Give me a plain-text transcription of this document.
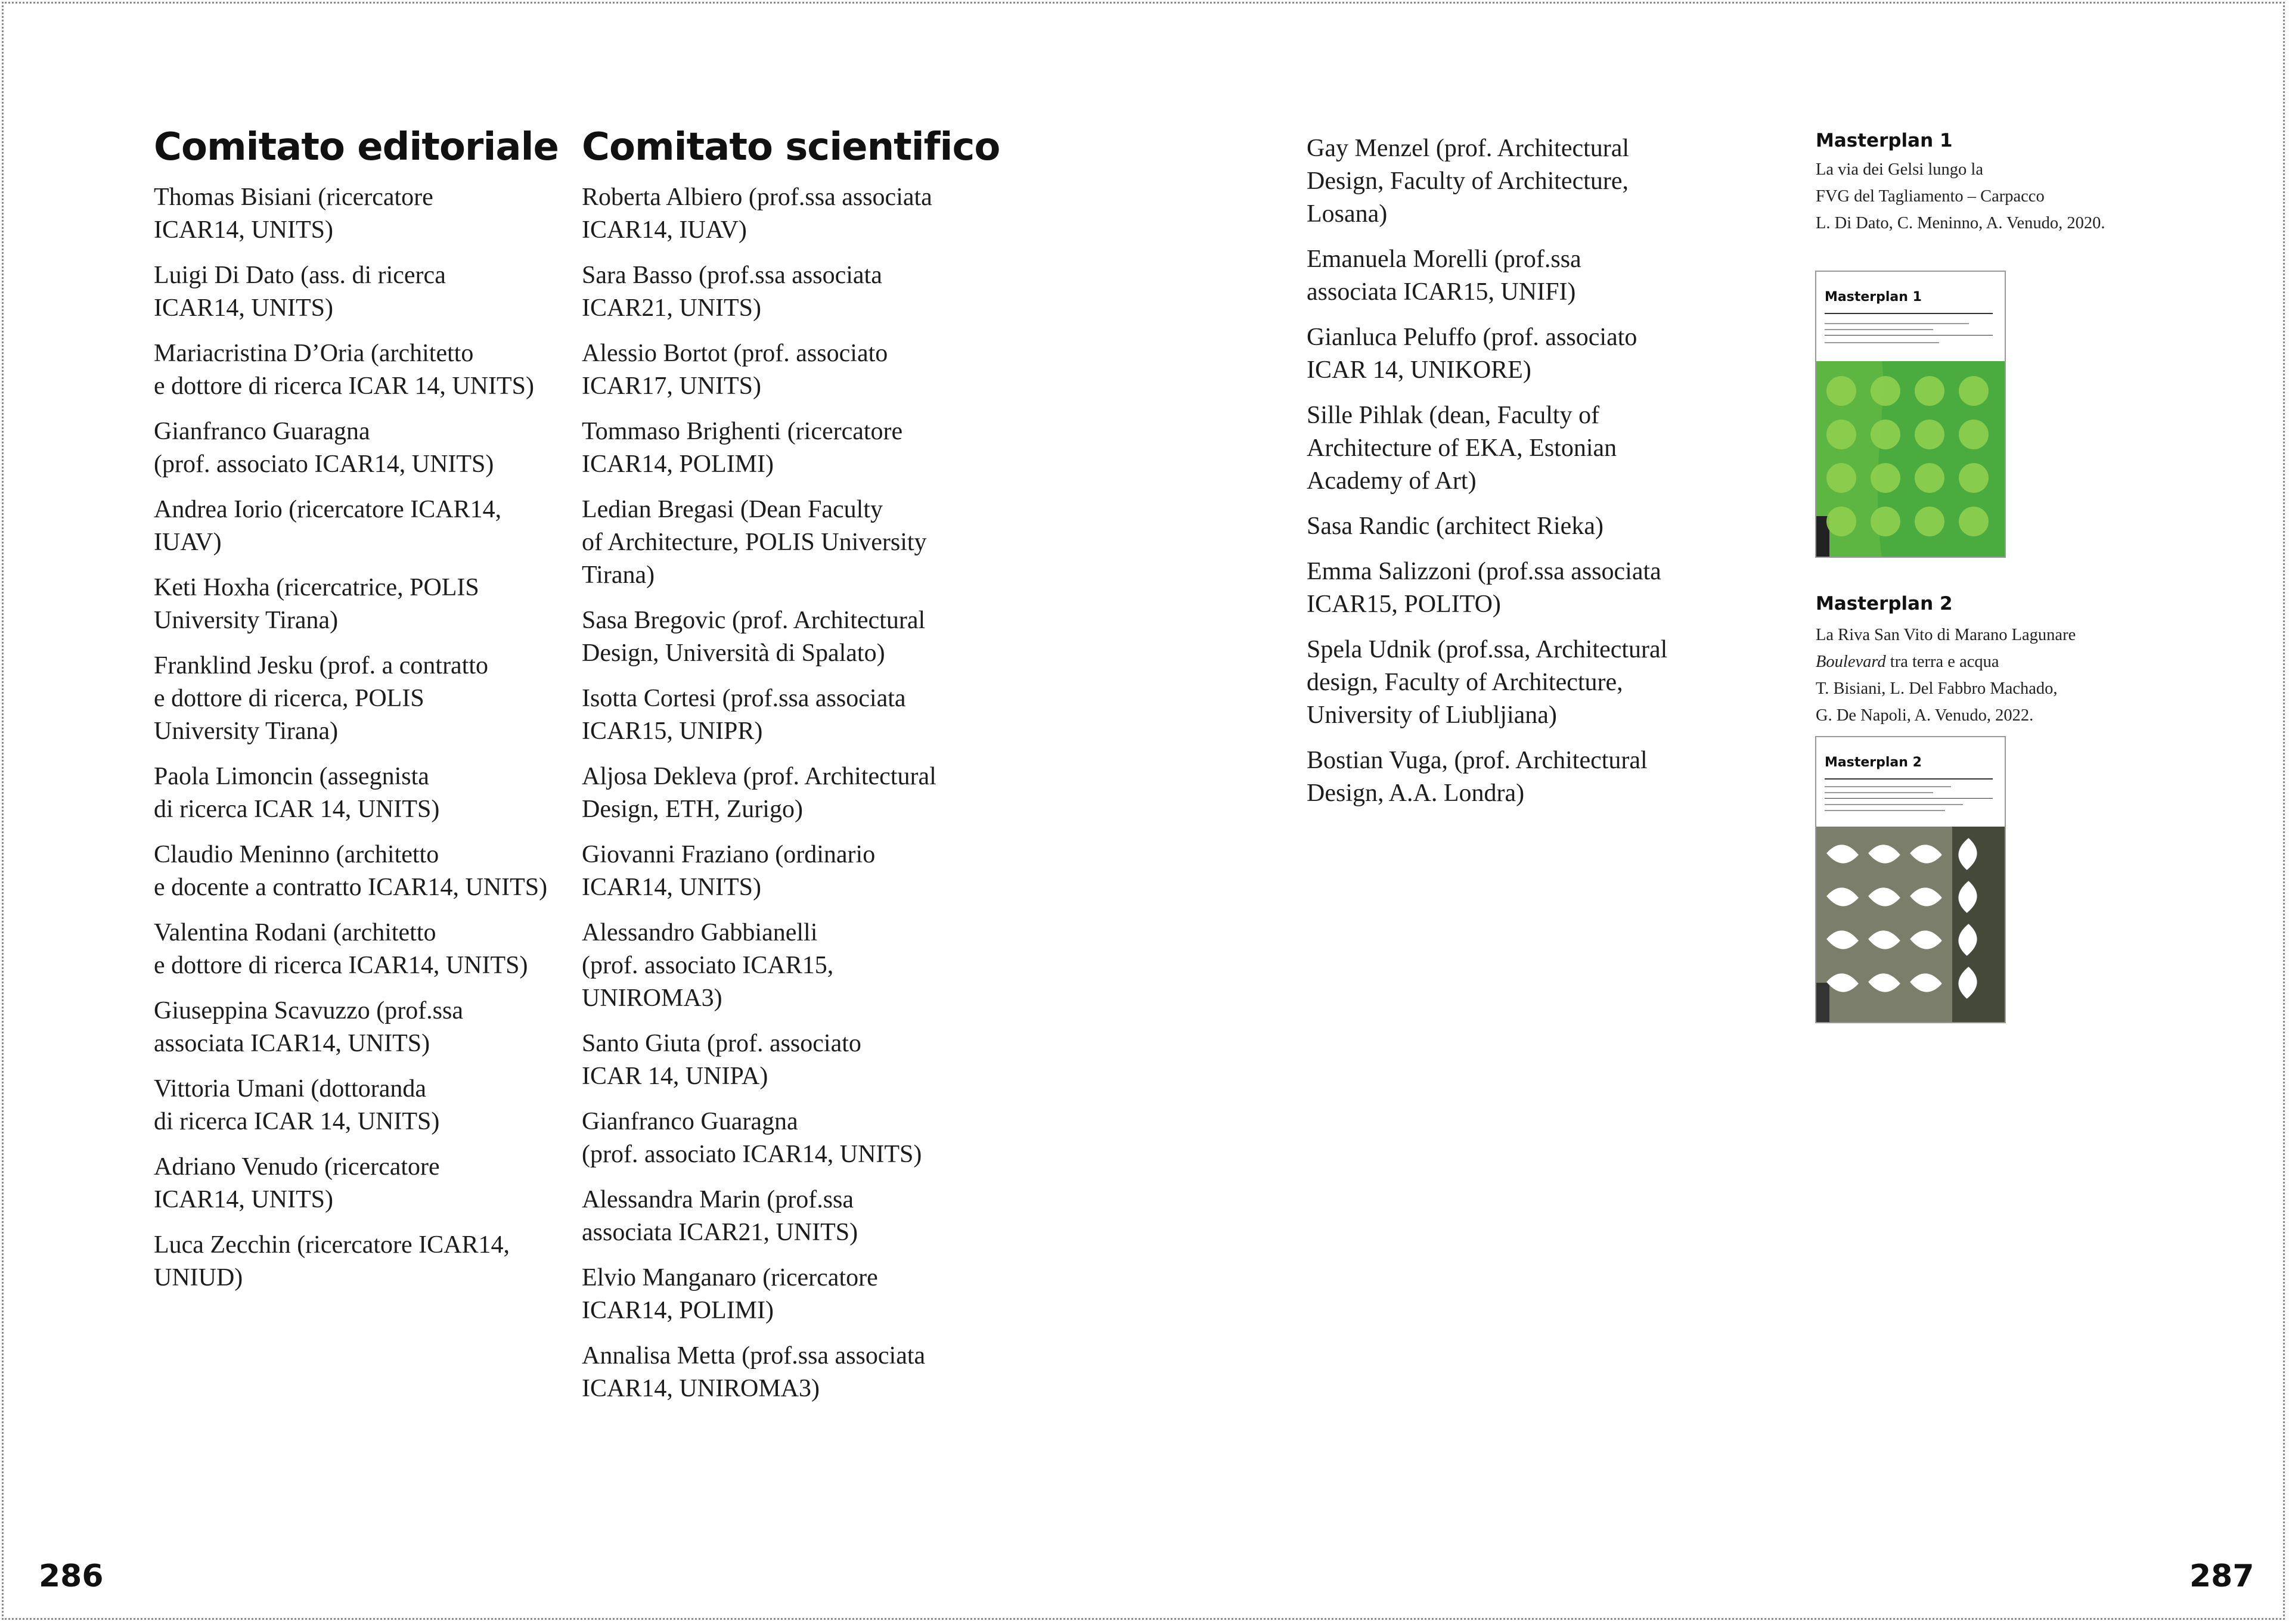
Comitato editoriale Comitato scientifico

Thomas Bisiani (ricercatore
ICAR14, UNITS)

Luigi Di Dato (ass. di ricerca
ICAR14, UNITS)

Mariacristina D’Oria (architetto
e dottore di ricerca ICAR 14, UNITS)

Gianfranco Guaragna
(prof. associato ICAR14, UNITS)

Andrea Iorio (ricercatore ICAR14,
IUAV)

Keti Hoxha (ricercatrice, POLIS
University Tirana)

Franklind Jesku (prof. a contratto
e dottore di ricerca, POLIS
University Tirana)

Paola Limoncin (assegnista
di ricerca ICAR 14, UNITS)

Claudio Meninno (architetto
e docente a contratto ICAR14, UNITS)

Valentina Rodani (architetto
e dottore di ricerca ICAR14, UNITS)

Giuseppina Scavuzzo (prof.ssa
associata ICAR14, UNITS)

Vittoria Umani (dottoranda
di ricerca ICAR 14, UNITS)

Adriano Venudo (ricercatore
ICAR14, UNITS)

Luca Zecchin (ricercatore ICAR14,
UNIUD)

Roberta Albiero (prof.ssa associata
ICAR14, IUAV)

Sara Basso (prof.ssa associata
ICAR21, UNITS)

Alessio Bortot (prof. associato
ICAR17, UNITS)

Tommaso Brighenti (ricercatore
ICAR14, POLIMI)

Ledian Bregasi (Dean Faculty
of Architecture, POLIS University
Tirana)

Sasa Bregovic (prof. Architectural
Design, Università di Spalato)

Isotta Cortesi (prof.ssa associata
ICAR15, UNIPR)

Aljosa Dekleva (prof. Architectural
Design, ETH, Zurigo)

Giovanni Fraziano (ordinario
ICAR14, UNITS)

Alessandro Gabbianelli
(prof. associato ICAR15,
UNIROMA3)

Santo Giuta (prof. associato
ICAR 14, UNIPA)

Gianfranco Guaragna
(prof. associato ICAR14, UNITS)

Alessandra Marin (prof.ssa
associata ICAR21, UNITS)

Elvio Manganaro (ricercatore
ICAR14, POLIMI)

Annalisa Metta (prof.ssa associata
ICAR14, UNIROMA3)

286

Gay Menzel (prof. Architectural
Design, Faculty of Architecture,
Losana)

Emanuela Morelli (prof.ssa
associata ICAR15, UNIFI)

Gianluca Peluffo (prof. associato
ICAR 14, UNIKORE)

Sille Pihlak (dean, Faculty of
Architecture of EKA, Estonian
Academy of Art)

Sasa Randic (architect Rieka)

Emma Salizzoni (prof.ssa associata
ICAR15, POLITO)

Spela Udnik (prof.ssa, Architectural
design, Faculty of Architecture,
University of Liubljiana)

Bostian Vuga, (prof. Architectural
Design, A.A. Londra)

Masterplan 1
La via dei Gelsi lungo la
FVG del Tagliamento – Carpacco
L. Di Dato, C. Meninno, A. Venudo, 2020.
Masterplan 1
Masterplan 2
La Riva San Vito di Marano Lagunare
Boulevard tra terra e acqua
T. Bisiani, L. Del Fabbro Machado,
G. De Napoli, A. Venudo, 2022.
Masterplan 2
287
